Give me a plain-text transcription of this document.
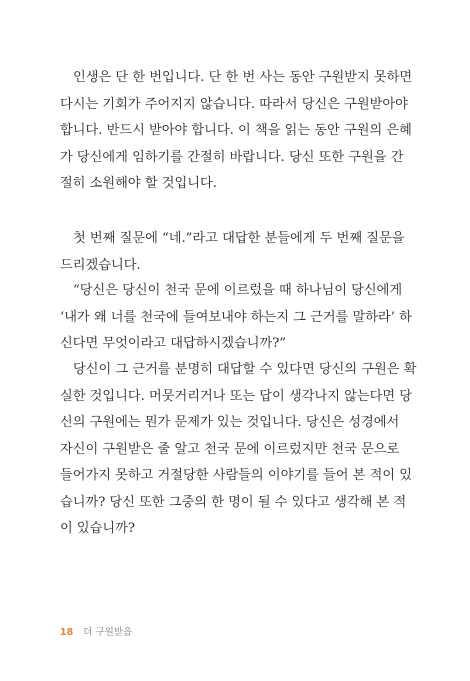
인생은 단 한 번입니다. 단 한 번 사는 동안 구원받지 못하면
다시는 기회가 주어지지 않습니다. 따라서 당신은 구원받아야
합니다. 반드시 받아야 합니다. 이 책을 읽는 동안 구원의 은혜
가 당신에게 임하기를 간절히 바랍니다. 당신 또한 구원을 간
절히 소원해야 할 것입니다.
첫 번째 질문에 “네.”라고 대답한 분들에게 두 번째 질문을
드리겠습니다.
“당신은 당신이 천국 문에 이르렀을 때 하나님이 당신에게
‘내가 왜 너를 천국에 들여보내야 하는지 그 근거를 말하라’ 하
신다면 무엇이라고 대답하시겠습니까?”
당신이 그 근거를 분명히 대답할 수 있다면 당신의 구원은 확
실한 것입니다. 머뭇거리거나 또는 답이 생각나지 않는다면 당
신의 구원에는 뭔가 문제가 있는 것입니다. 당신은 성경에서
자신이 구원받은 줄 알고 천국 문에 이르렀지만 천국 문으로
들어가지 못하고 거절당한 사람들의 이야기를 들어 본 적이 있
습니까? 당신 또한 그중의 한 명이 될 수 있다고 생각해 본 적
이 있습니까?
18 더 구원받음
